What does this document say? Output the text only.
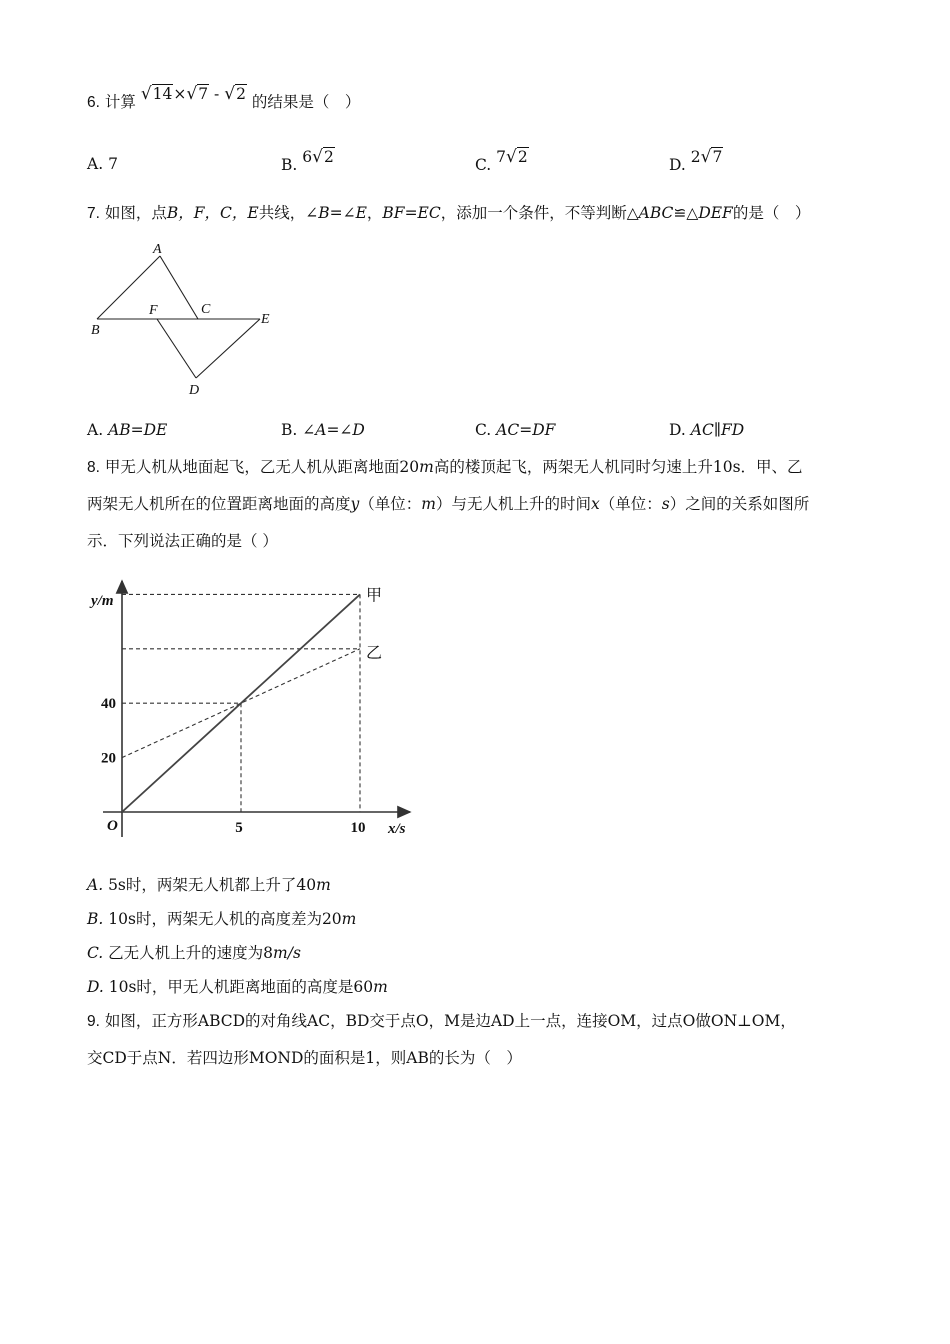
6. 计算 √14×√7 - √2 的结果是（　）
A. 7	B. 6√2	C. 7√2	D. 2√7
7. 如图，点B，F，C，E共线，∠B=∠E，BF=EC，添加一个条件，不等判断△ABC≌△DEF的是（　）
A
B
F	C
E
D
A. AB=DE	B. ∠A=∠D	C. AC=DF	D. AC∥FD
8. 甲无人机从地面起飞，乙无人机从距离地面20m高的楼顶起飞，两架无人机同时匀速上升10s．甲、乙
两架无人机所在的位置距离地面的高度y（单位：m）与无人机上升的时间x（单位：s）之间的关系如图所
示．下列说法正确的是（ ）
甲
乙
20
40
5	10
y/m
x/s
O
A. 5s时，两架无人机都上升了40m
B. 10s时，两架无人机的高度差为20m
C. 乙无人机上升的速度为8m/s
D. 10s时，甲无人机距离地面的高度是60m
9. 如图，正方形ABCD的对角线AC，BD交于点O，M是边AD上一点，连接OM，过点O做ON⊥OM，
交CD于点N．若四边形MOND的面积是1，则AB的长为（　）
